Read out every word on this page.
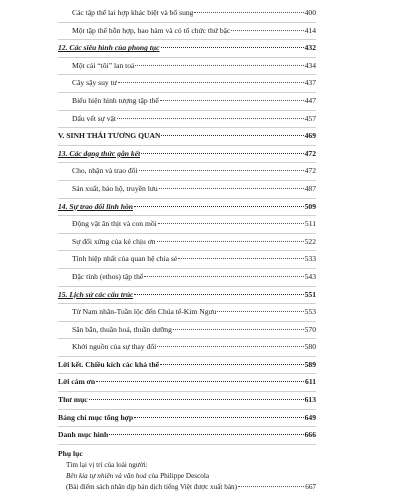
Các tập thể lai hợp khác biệt và bổ sung	400
Một tập thể hỗn hợp, bao hàm và có tổ chức thứ bậc	414
12. Các siêu hình của phong tục	432
Một cái “tôi” lan toả	434
Cây sậy suy tư	437
Biểu hiện hình tượng tập thể	447
Dấu vết sự vật	457
V. SINH THÁI TƯƠNG QUAN	469
13. Các dạng thức gắn kết	472
Cho, nhận và trao đổi	472
Sản xuất, bảo hộ, truyền lưu	487
14. Sự trao đổi linh hồn	509
Động vật ăn thịt và con mồi	511
Sự đối xứng của kẻ chịu ơn	522
Tính hiệp nhất của quan hệ chia sẻ	533
Đặc tính (ethos) tập thể	543
15. Lịch sử các cấu trúc	551
Từ Nam nhân-Tuần lộc đến Chúa tể-Kim Ngưu	553
Săn bắn, thuần hoá, thuần dưỡng	570
Khởi nguồn của sự thay đổi	580
Lời kết. Chiều kích các khả thể	589
Lời cảm ơn	611
Thư mục	613
Bảng chỉ mục tổng hợp	649
Danh mục hình	666
Phụ lục
Tìm lại vị trí của loài người:
Bên kia tự nhiên và văn hoá của Philippe Descola
(Bài điểm sách nhân dịp bản dịch tiếng Việt được xuất bản)	667
